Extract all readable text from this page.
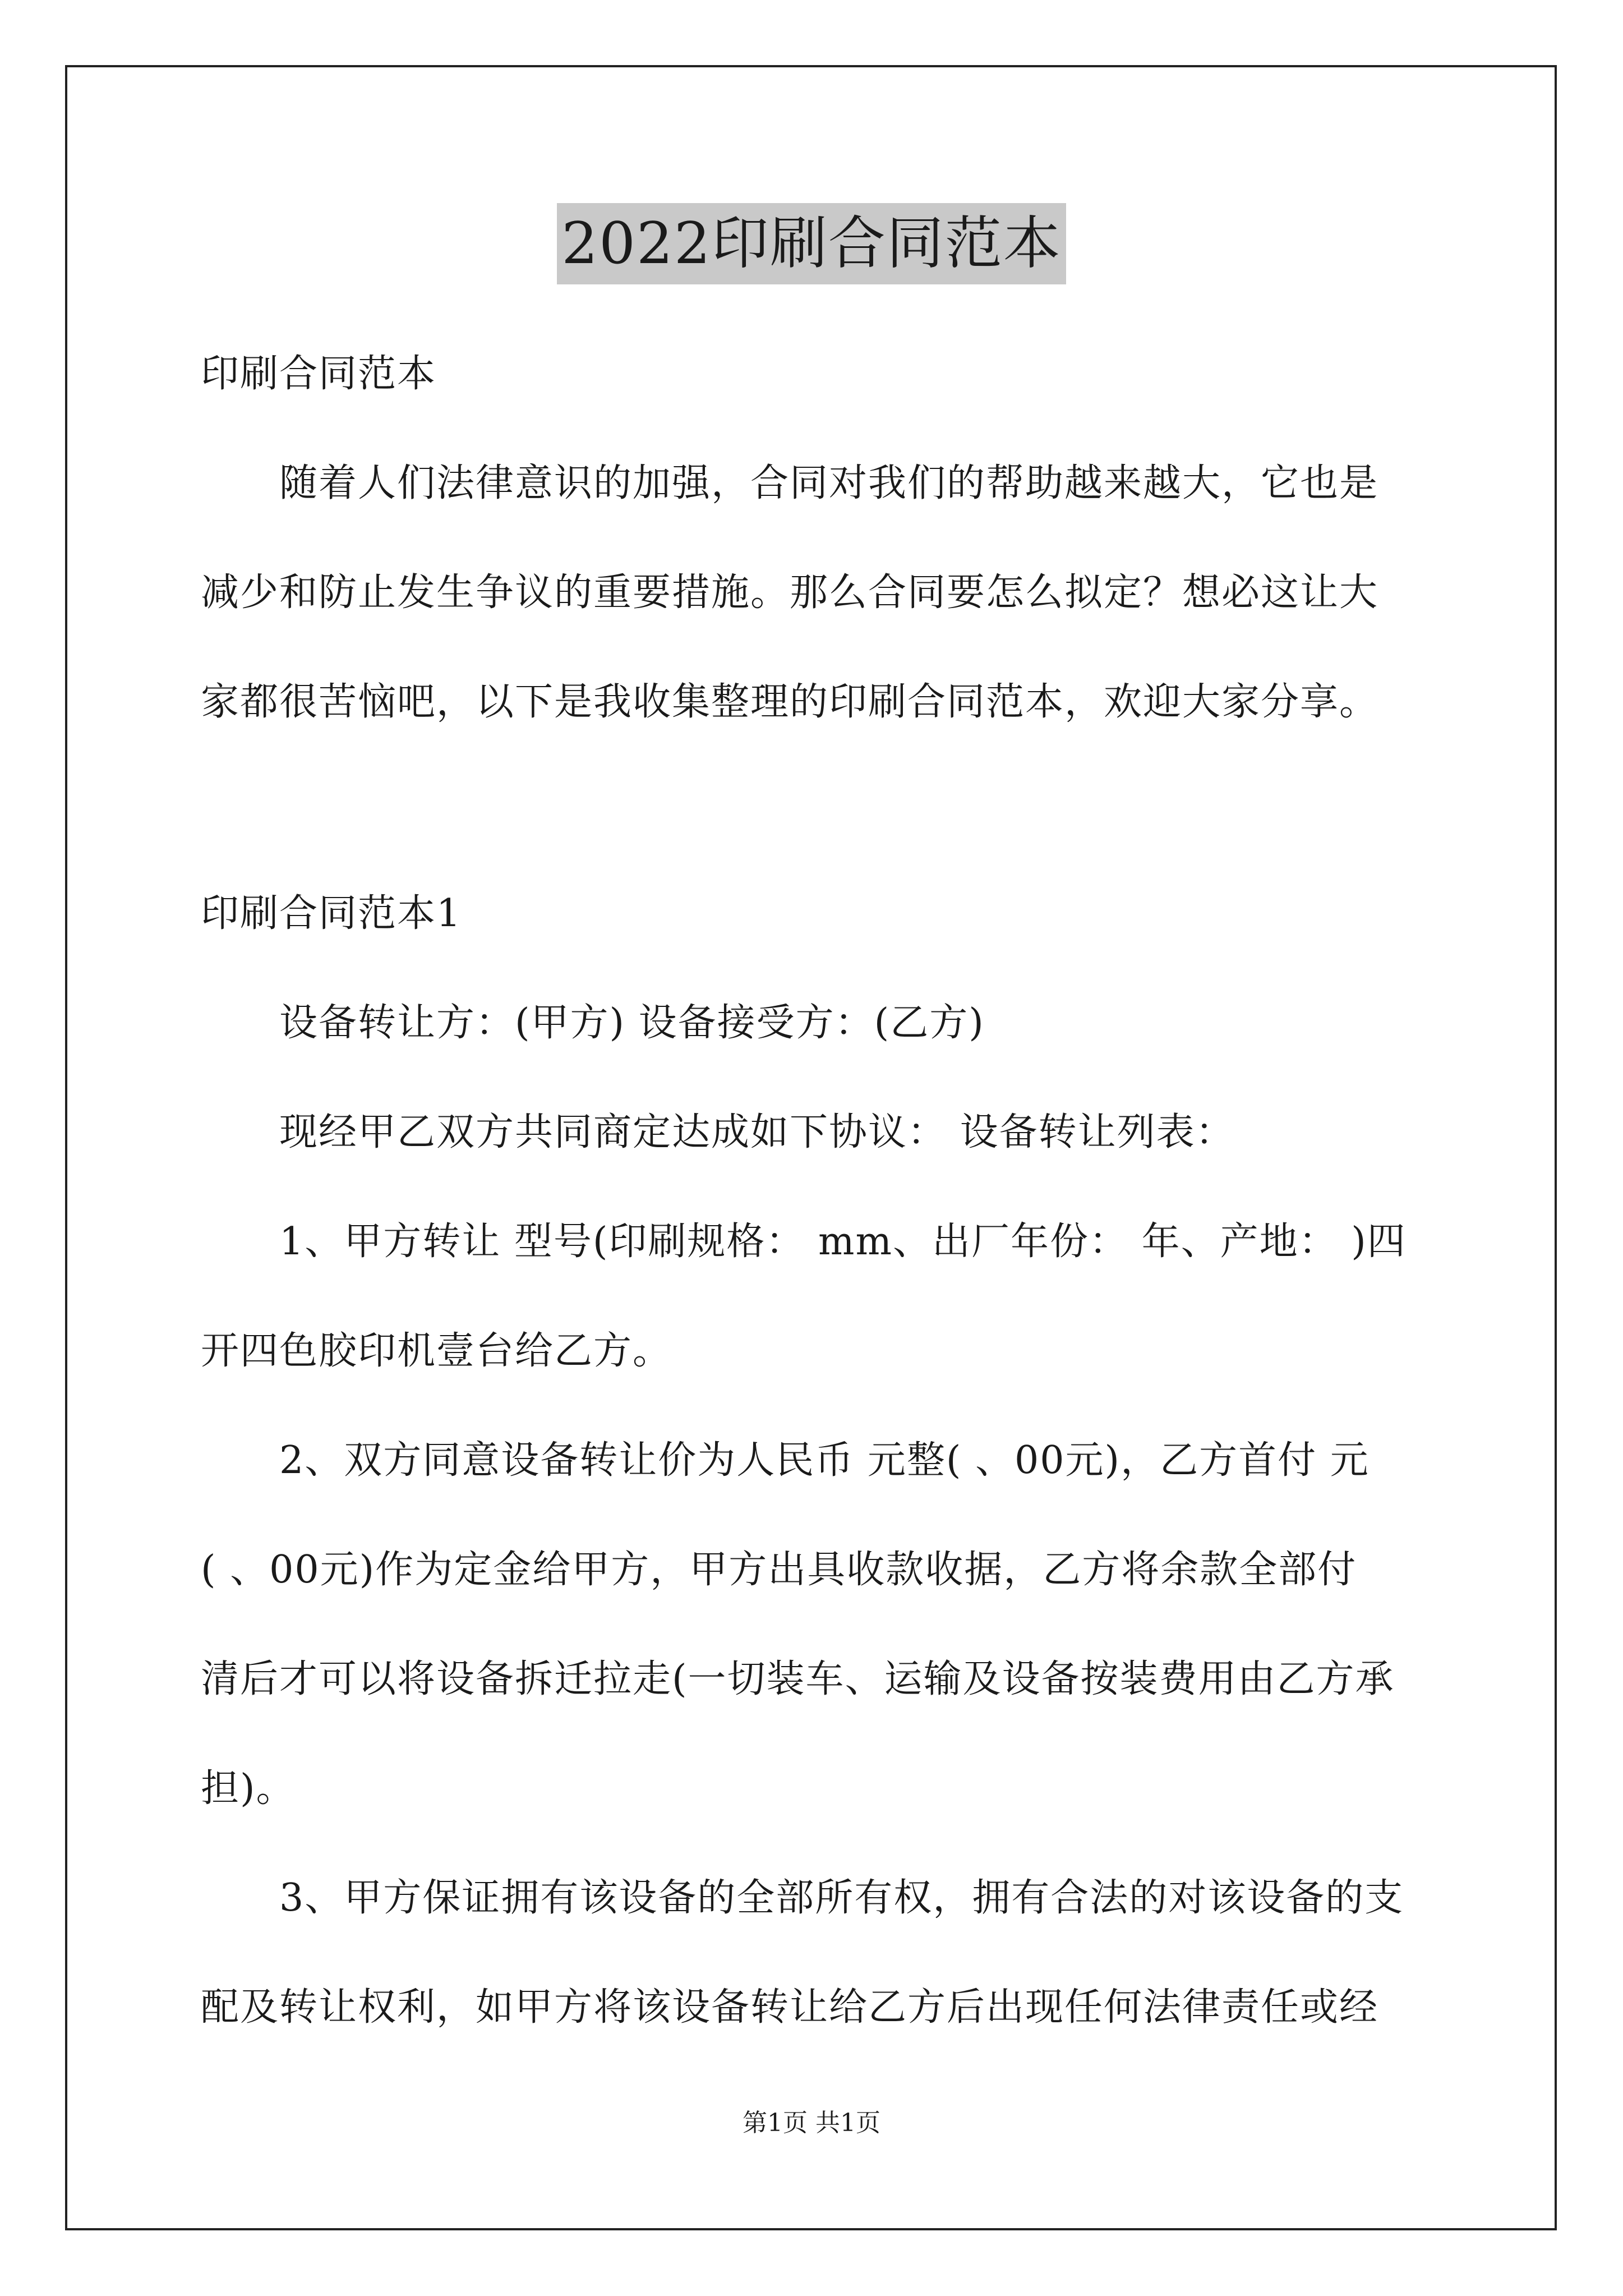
2022印刷合同范本

印刷合同范本

随着人们法律意识的加强，合同对我们的帮助越来越大，它也是

减少和防止发生争议的重要措施。那么合同要怎么拟定？想必这让大

家都很苦恼吧，以下是我收集整理的印刷合同范本，欢迎大家分享。

印刷合同范本1

设备转让方：(甲方) 设备接受方：(乙方)

现经甲乙双方共同商定达成如下协议： 设备转让列表：

1、甲方转让 型号(印刷规格： mm、出厂年份： 年、产地： )四

开四色胶印机壹台给乙方。

2、双方同意设备转让价为人民币 元整( 、00元)，乙方首付 元

( 、00元)作为定金给甲方，甲方出具收款收据，乙方将余款全部付

清后才可以将设备拆迁拉走(一切装车、运输及设备按装费用由乙方承

担)。

3、甲方保证拥有该设备的全部所有权，拥有合法的对该设备的支

配及转让权利，如甲方将该设备转让给乙方后出现任何法律责任或经

第1页 共1页
